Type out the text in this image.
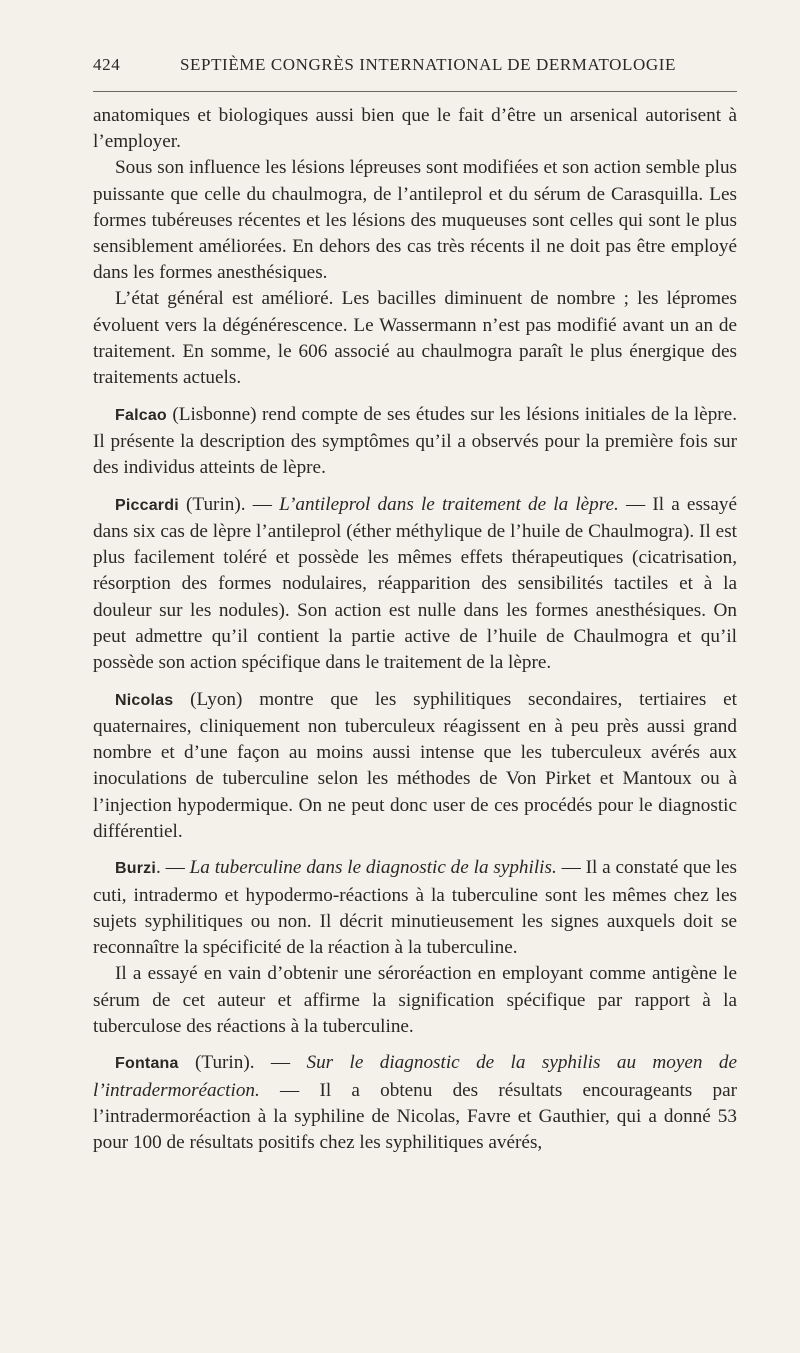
424	SEPTIÈME CONGRÈS INTERNATIONAL DE DERMATOLOGIE

anatomiques et biologiques aussi bien que le fait d’être un arsenical autorisent à l’employer.

Sous son influence les lésions lépreuses sont modifiées et son action semble plus puissante que celle du chaulmogra, de l’antileprol et du sérum de Carasquilla. Les formes tubéreuses récentes et les lésions des muqueuses sont celles qui sont le plus sensiblement améliorées. En dehors des cas très récents il ne doit pas être employé dans les formes anesthésiques.

L’état général est amélioré. Les bacilles diminuent de nombre ; les lépromes évoluent vers la dégénérescence. Le Wassermann n’est pas modifié avant un an de traitement. En somme, le 606 associé au chaulmogra paraît le plus énergique des traitements actuels.

Falcao (Lisbonne) rend compte de ses études sur les lésions initiales de la lèpre. Il présente la description des symptômes qu’il a observés pour la première fois sur des individus atteints de lèpre.

Piccardi (Turin). — L’antileprol dans le traitement de la lèpre. — Il a essayé dans six cas de lèpre l’antileprol (éther méthylique de l’huile de Chaulmogra). Il est plus facilement toléré et possède les mêmes effets thérapeutiques (cicatrisation, résorption des formes nodulaires, réapparition des sensibilités tactiles et à la douleur sur les nodules). Son action est nulle dans les formes anesthésiques. On peut admettre qu’il contient la partie active de l’huile de Chaulmogra et qu’il possède son action spécifique dans le traitement de la lèpre.

Nicolas (Lyon) montre que les syphilitiques secondaires, tertiaires et quaternaires, cliniquement non tuberculeux réagissent en à peu près aussi grand nombre et d’une façon au moins aussi intense que les tuberculeux avérés aux inoculations de tuberculine selon les méthodes de Von Pirket et Mantoux ou à l’injection hypodermique. On ne peut donc user de ces procédés pour le diagnostic différentiel.

Burzi. — La tuberculine dans le diagnostic de la syphilis. — Il a constaté que les cuti, intradermo et hypodermo-réactions à la tuberculine sont les mêmes chez les sujets syphilitiques ou non. Il décrit minutieusement les signes auxquels doit se reconnaître la spécificité de la réaction à la tuberculine.

Il a essayé en vain d’obtenir une séroréaction en employant comme antigène le sérum de cet auteur et affirme la signification spécifique par rapport à la tuberculose des réactions à la tuberculine.

Fontana (Turin). — Sur le diagnostic de la syphilis au moyen de l’intradermoréaction. — Il a obtenu des résultats encourageants par l’intradermoréaction à la syphiline de Nicolas, Favre et Gauthier, qui a donné 53 pour 100 de résultats positifs chez les syphilitiques avérés,
